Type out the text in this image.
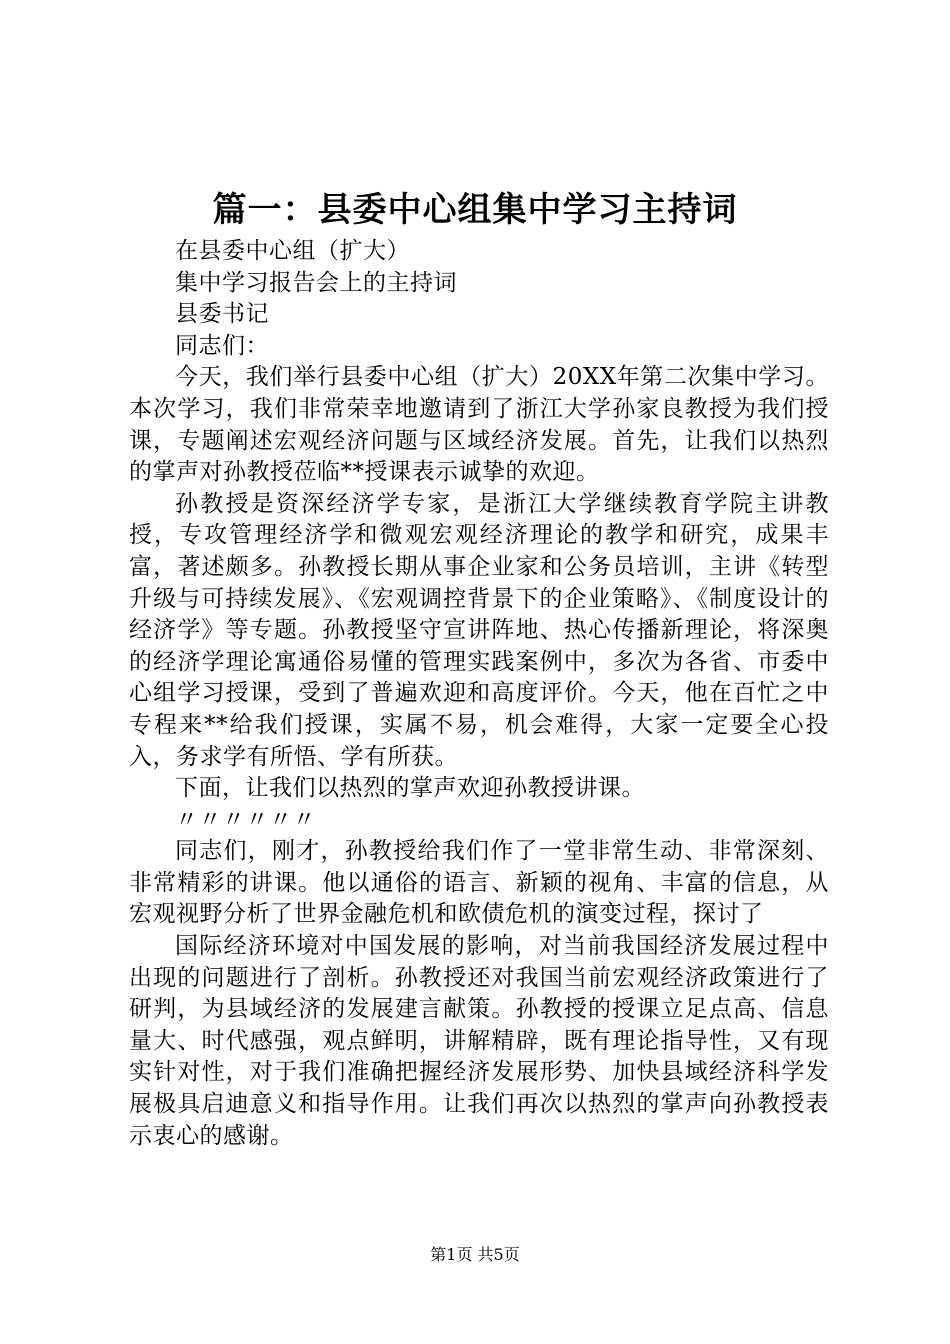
篇一：县委中心组集中学习主持词

在县委中心组（扩大）

集中学习报告会上的主持词

县委书记

同志们：

今天，我们举行县委中心组（扩大）20XX年第二次集中学习。本次学习，我们非常荣幸地邀请到了浙江大学孙家良教授为我们授课，专题阐述宏观经济问题与区域经济发展。首先，让我们以热烈的掌声对孙教授莅临**授课表示诚挚的欢迎。

孙教授是资深经济学专家，是浙江大学继续教育学院主讲教授，专攻管理经济学和微观宏观经济理论的教学和研究，成果丰富，著述颇多。孙教授长期从事企业家和公务员培训，主讲《转型升级与可持续发展》、《宏观调控背景下的企业策略》、《制度设计的经济学》等专题。孙教授坚守宣讲阵地、热心传播新理论，将深奥的经济学理论寓通俗易懂的管理实践案例中，多次为各省、市委中心组学习授课，受到了普遍欢迎和高度评价。今天，他在百忙之中专程来**给我们授课，实属不易，机会难得，大家一定要全心投入，务求学有所悟、学有所获。

下面，让我们以热烈的掌声欢迎孙教授讲课。

〃〃〃〃〃〃

同志们，刚才，孙教授给我们作了一堂非常生动、非常深刻、非常精彩的讲课。他以通俗的语言、新颖的视角、丰富的信息，从宏观视野分析了世界金融危机和欧债危机的演变过程，探讨了

国际经济环境对中国发展的影响，对当前我国经济发展过程中出现的问题进行了剖析。孙教授还对我国当前宏观经济政策进行了研判，为县域经济的发展建言献策。孙教授的授课立足点高、信息量大、时代感强，观点鲜明，讲解精辟，既有理论指导性，又有现实针对性，对于我们准确把握经济发展形势、加快县域经济科学发展极具启迪意义和指导作用。让我们再次以热烈的掌声向孙教授表示衷心的感谢。

第1页 共5页
